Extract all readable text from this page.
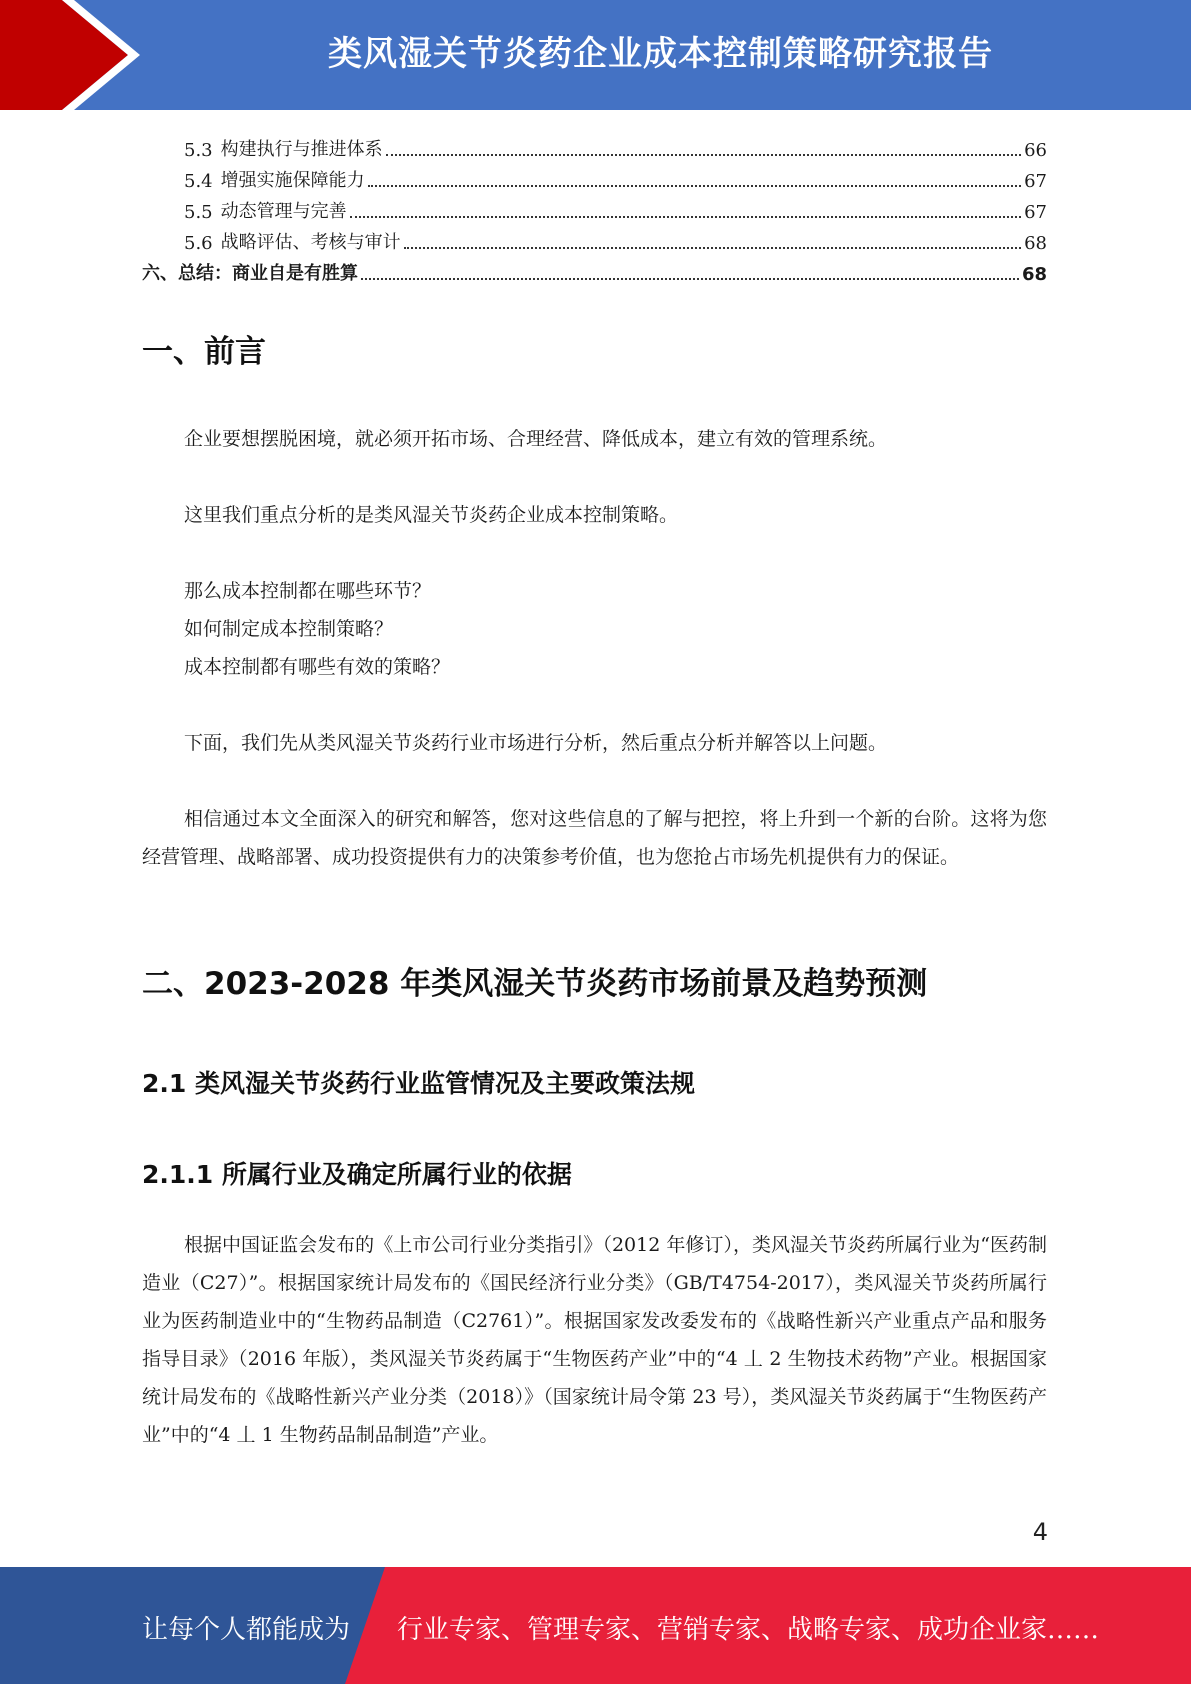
类风湿关节炎药企业成本控制策略研究报告
5.3 构建执行与推进体系	66
5.4 增强实施保障能力	67
5.5 动态管理与完善	67
5.6 战略评估、考核与审计	68
六、总结：商业自是有胜算	68
一、前言

企业要想摆脱困境，就必须开拓市场、合理经营、降低成本，建立有效的管理系统。

这里我们重点分析的是类风湿关节炎药企业成本控制策略。

那么成本控制都在哪些环节？
如何制定成本控制策略？
成本控制都有哪些有效的策略？

下面，我们先从类风湿关节炎药行业市场进行分析，然后重点分析并解答以上问题。

相信通过本文全面深入的研究和解答，您对这些信息的了解与把控，将上升到一个新的台阶。这将为您经营管理、战略部署、成功投资提供有力的决策参考价值，也为您抢占市场先机提供有力的保证。

二、2023-2028 年类风湿关节炎药市场前景及趋势预测
2.1 类风湿关节炎药行业监管情况及主要政策法规
2.1.1 所属行业及确定所属行业的依据

根据中国证监会发布的《上市公司行业分类指引》（2012 年修订），类风湿关节炎药所属行业为“医药制造业（C27）”。根据国家统计局发布的《国民经济行业分类》（GB/T4754-2017），类风湿关节炎药所属行业为医药制造业中的“生物药品制造（C2761）”。根据国家发改委发布的《战略性新兴产业重点产品和服务指导目录》（2016 年版），类风湿关节炎药属于“生物医药产业”中的“4 丄 2 生物技术药物”产业。根据国家统计局发布的《战略性新兴产业分类（2018）》（国家统计局令第 23 号），类风湿关节炎药属于“生物医药产业”中的“4 丄 1 生物药品制品制造”产业。

4
让每个人都能成为 行业专家、管理专家、营销专家、战略专家、成功企业家……
